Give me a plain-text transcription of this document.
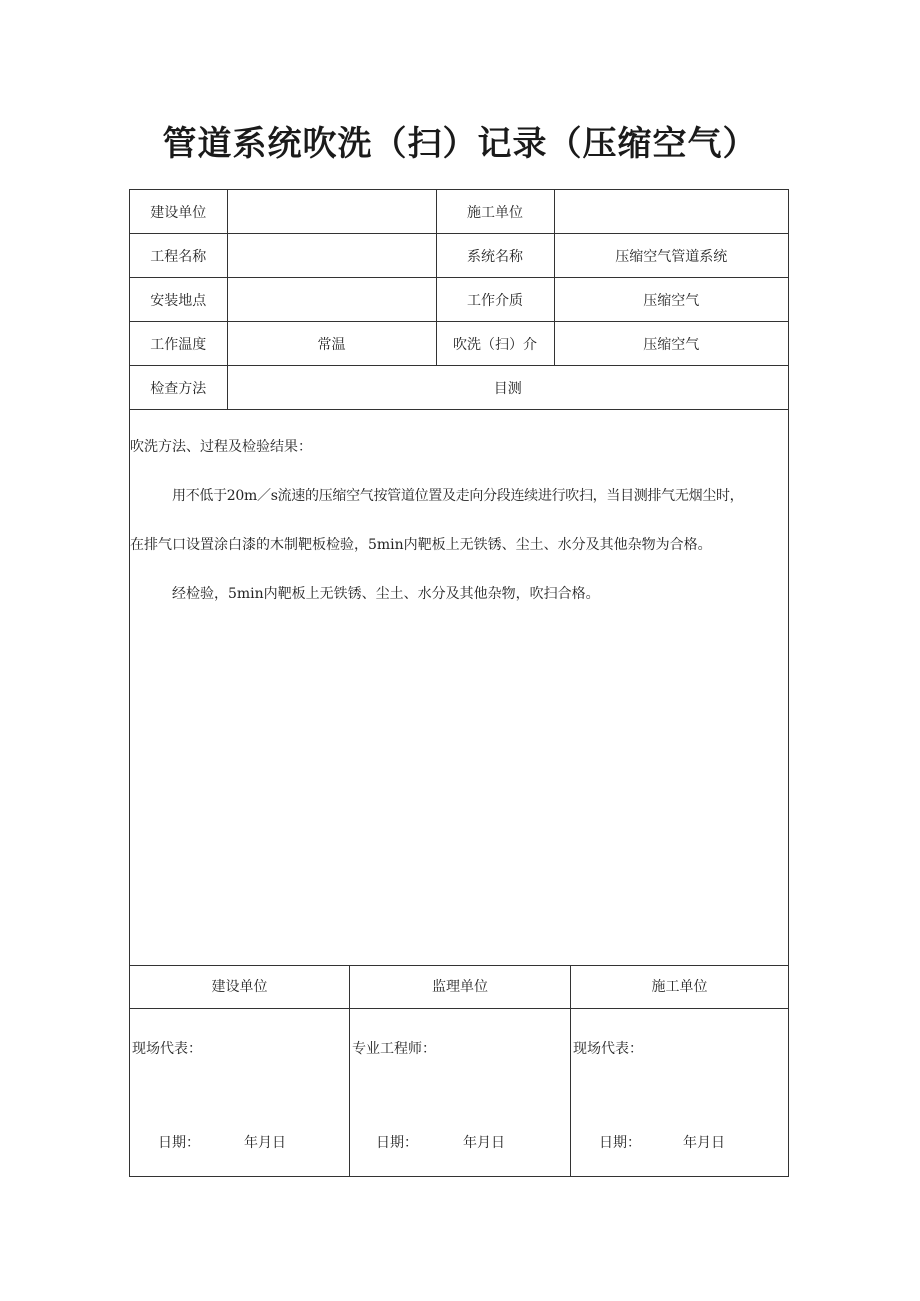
管道系统吹洗（扫）记录（压缩空气）
建设单位		施工单位	
工程名称		系统名称	压缩空气管道系统
安装地点		工作介质	压缩空气
工作温度	常温	吹洗（扫）介	压缩空气
检查方法	目测		
吹洗方法、过程及检验结果：
用不低于20m／s流速的压缩空气按管道位置及走向分段连续进行吹扫，当目测排气无烟尘时，
在排气口设置涂白漆的木制靶板检验，5min内靶板上无铁锈、尘土、水分及其他杂物为合格。
经检验，5min内靶板上无铁锈、尘土、水分及其他杂物，吹扫合格。
建设单位
现场代表：
日期：	年月日
监理单位
专业工程师：
日期：	年月日
施工单位
现场代表：
日期：	年月日
